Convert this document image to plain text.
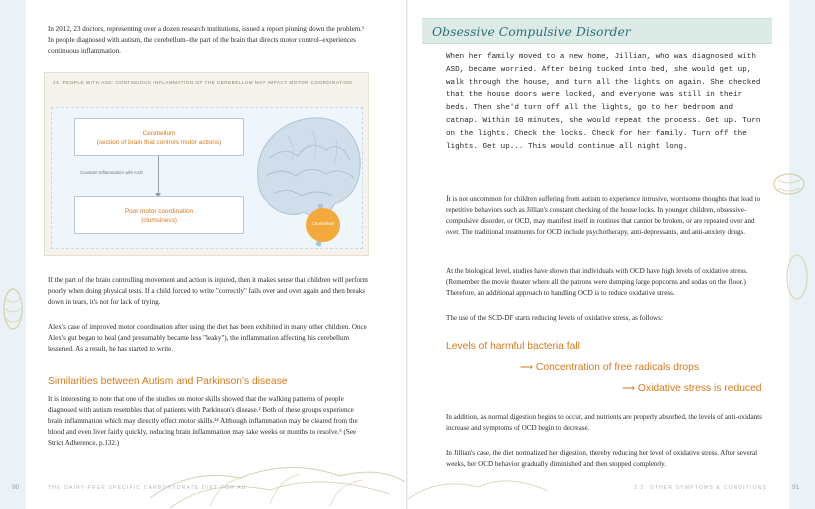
In 2012, 23 doctors, representing over a dozen research institutions, issued a report pinning down the problem.¹ In people diagnosed with autism, the cerebellum–the part of the brain that directs motor control–experiences continuous inflammation.

23. PEOPLE WITH ASD: CONTINUOUS INFLAMMATION OF THE CEREBELLUM MAY IMPACT MOTOR COORDINATION
Cerebellum
Cerebellum
(section of brain that controls motor actions)
Constant Inflammation with ASD
Poor motor coordination
(clumsiness)

If the part of the brain controlling movement and action is injured, then it makes sense that children will perform poorly when doing physical tests. If a child forced to write "correctly" fails over and over again and then breaks down in tears, it's not for lack of trying.

Alex's case of improved motor coordination after using the diet has been exhibited in many other children. Once Alex's gut began to heal (and presumably became less "leaky"), the inflammation affecting his cerebellum lessened. As a result, he has started to write.

Similarities between Autism and Parkinson's disease

It is interesting to note that one of the studies on motor skills showed that the walking patterns of people diagnosed with autism resembles that of patients with Parkinson's disease.² Both of these groups experience brain inflammation which may directly effect motor skills.³⁴ Although inflammation may be cleared from the blood and even liver fairly quickly, reducing brain inflammation may take weeks or months to resolve.⁵ (See Strict Adherence, p.132.)

90	THE DAIRY-FREE SPECIFIC CARBOHYDRATE DIET FOR AU
Obsessive Compulsive Disorder
When her family moved to a new home, Jillian, who was diagnosed with ASD, became worried. After being tucked into bed, she would get up, walk through the house, and turn all the lights on again. She checked that the house doors were locked, and everyone was still in their beds. Then she'd turn off all the lights, go to her bedroom and catnap. Within 10 minutes, she would repeat the process. Get up. Turn on the lights. Check the locks. Check for her family. Turn off the lights. Get up... This would continue all night long.

It is not uncommon for children suffering from autism to experience intrusive, worrisome thoughts that lead to repetitive behaviors such as Jillian's constant checking of the house locks. In younger children, obsessive-compulsive disorder, or OCD, may manifest itself in routines that cannot be broken, or are repeated over and over. The traditional treatments for OCD include psychotherapy, anti-depressants, and anti-anxiety drugs.

At the biological level, studies have shown that individuals with OCD have high levels of oxidative stress. (Remember the movie theater where all the patrons were dumping large popcorns and sodas on the floor.) Therefore, an additional approach to handling OCD is to reduce oxidative stress.

The use of the SCD-DF starts reducing levels of oxidative stress, as follows:

Levels of harmful bacteria fall
⟶ Concentration of free radicals drops
⟶ Oxidative stress is reduced

In addition, as normal digestion begins to occur, and nutrients are properly absorbed, the levels of anti-oxidants increase and symptoms of OCD begin to decrease.

In Jillian's case, the diet normalized her digestion, thereby reducing her level of oxidative stress. After several weeks, her OCD behavior gradually diminished and then stopped completely.

2.2: OTHER SYMPTOMS & CONDITIONS	91
